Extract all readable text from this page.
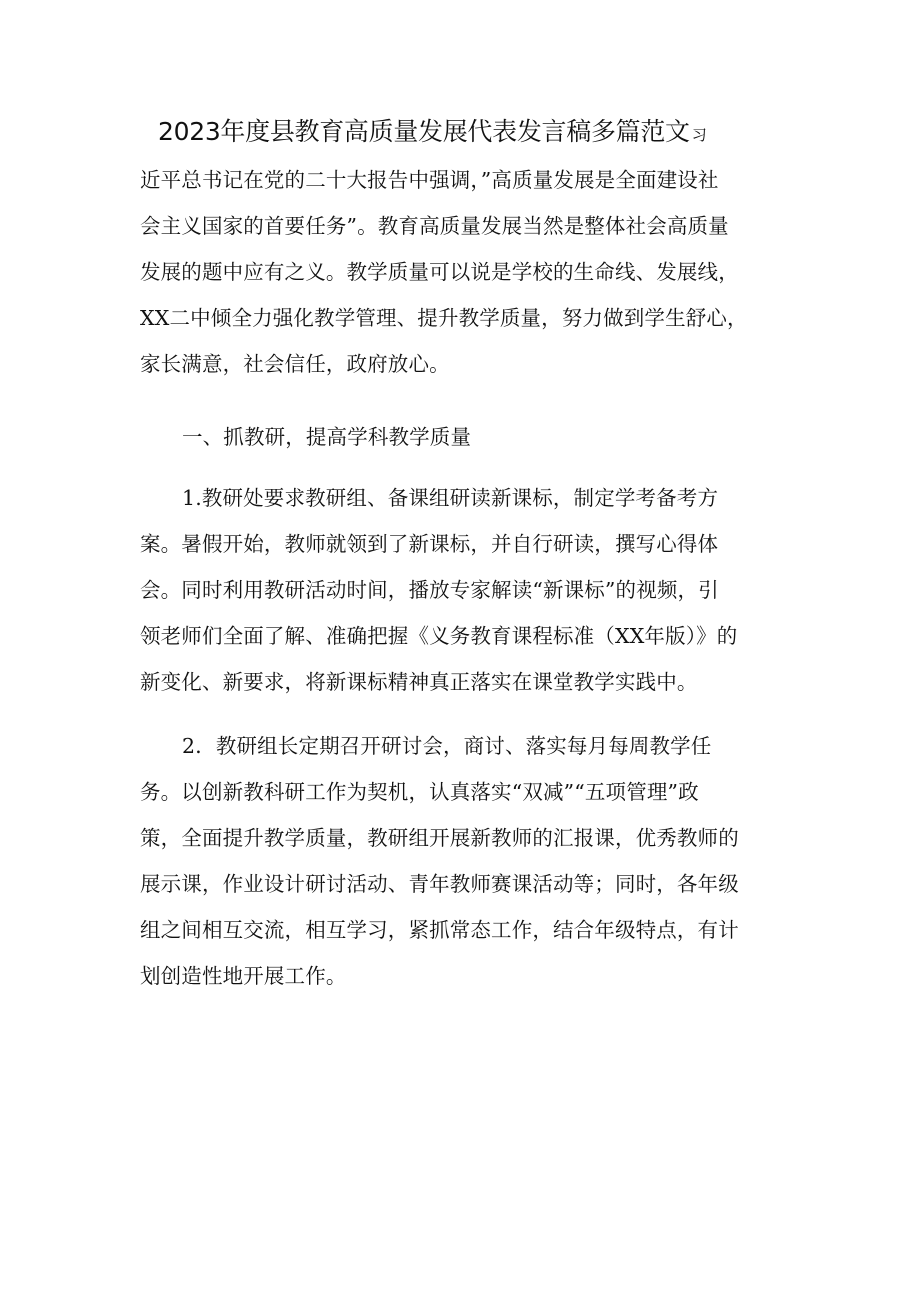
2023年度县教育高质量发展代表发言稿多篇范文 习
近平总书记在党的二十大报告中强调，”高质量发展是全面建设社
会主义国家的首要任务”。教育高质量发展当然是整体社会高质量
发展的题中应有之义。教学质量可以说是学校的生命线、发展线，
XX二中倾全力强化教学管理、提升教学质量，努力做到学生舒心，
家长满意，社会信任，政府放心。
一、抓教研，提高学科教学质量
1.教研处要求教研组、备课组研读新课标，制定学考备考方
案。暑假开始，教师就领到了新课标，并自行研读，撰写心得体
会。同时利用教研活动时间，播放专家解读“新课标”的视频，引
领老师们全面了解、准确把握《义务教育课程标准（XX年版）》的
新变化、新要求，将新课标精神真正落实在课堂教学实践中。
2．教研组长定期召开研讨会，商讨、落实每月每周教学任
务。以创新教科研工作为契机，认真落实“双减”“五项管理”政
策，全面提升教学质量，教研组开展新教师的汇报课，优秀教师的
展示课，作业设计研讨活动、青年教师赛课活动等；同时，各年级
组之间相互交流，相互学习，紧抓常态工作，结合年级特点，有计
划创造性地开展工作。
